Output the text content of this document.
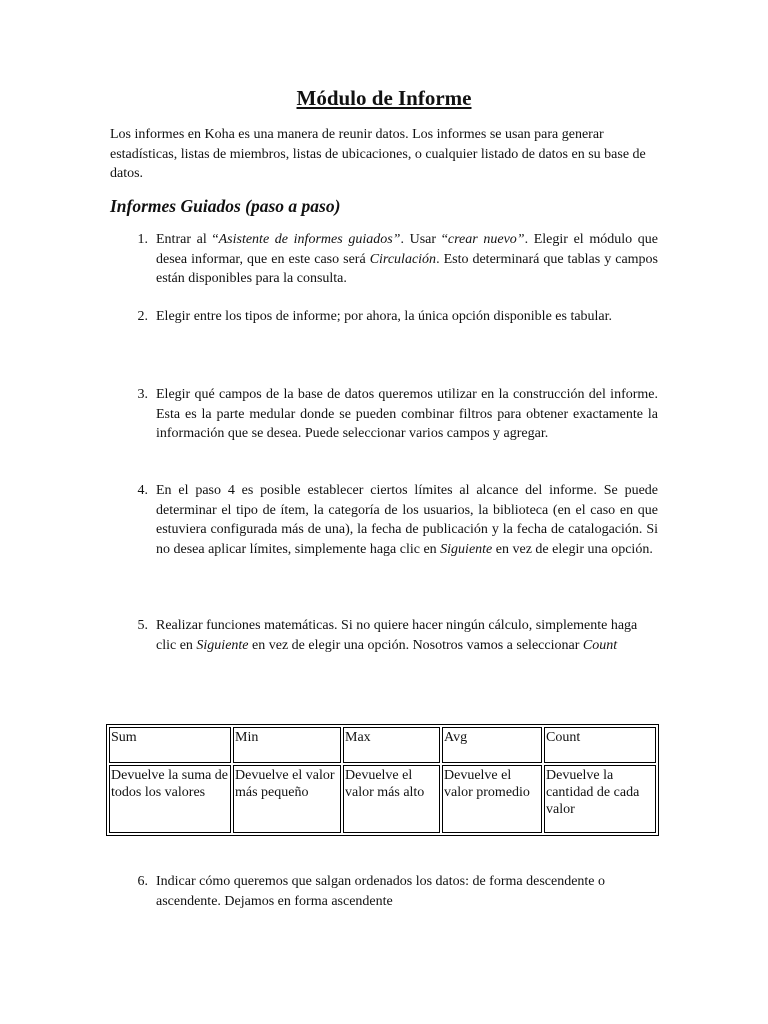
Módulo de Informe

Los informes en Koha es una manera de reunir datos. Los informes se usan para generar estadísticas, listas de miembros, listas de ubicaciones, o cualquier listado de datos en su base de datos.

Informes Guiados (paso a paso)
1. Entrar al “Asistente de informes guiados”. Usar “crear nuevo”. Elegir el módulo que desea informar, que en este caso será Circulación. Esto determinará que tablas y campos están disponibles para la consulta.
2. Elegir entre los tipos de informe; por ahora, la única opción disponible es tabular.
3. Elegir qué campos de la base de datos queremos utilizar en la construcción del informe. Esta es la parte medular donde se pueden combinar filtros para obtener exactamente la información que se desea. Puede seleccionar varios campos y agregar.
4. En el paso 4 es posible establecer ciertos límites al alcance del informe. Se puede determinar el tipo de ítem, la categoría de los usuarios, la biblioteca (en el caso en que estuviera configurada más de una), la fecha de publicación y la fecha de catalogación. Si no desea aplicar límites, simplemente haga clic en Siguiente en vez de elegir una opción.
5. Realizar funciones matemáticas. Si no quiere hacer ningún cálculo, simplemente haga clic en Siguiente en vez de elegir una opción. Nosotros vamos a seleccionar Count
Sum	Min	Max	Avg	Count
Devuelve la suma de todos los valores	Devuelve el valor más pequeño	Devuelve el valor más alto	Devuelve el valor promedio	Devuelve la cantidad de cada valor
6. Indicar cómo queremos que salgan ordenados los datos: de forma descendente o ascendente. Dejamos en forma ascendente
